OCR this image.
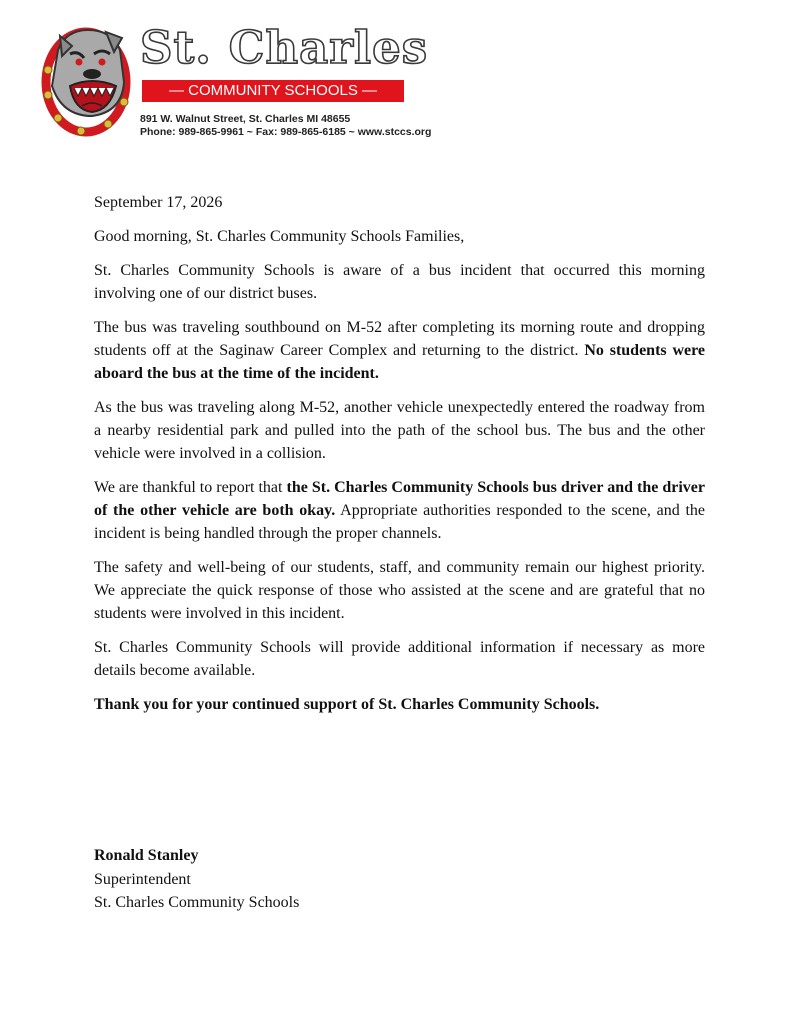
St. Charles
— COMMUNITY SCHOOLS —
891 W. Walnut Street, St. Charles MI 48655
Phone: 989-865-9961 ~ Fax: 989-865-6185 ~ www.stccs.org

September 17, 2026

Good morning, St. Charles Community Schools Families,

St. Charles Community Schools is aware of a bus incident that occurred this morning involving one of our district buses.

The bus was traveling southbound on M-52 after completing its morning route and dropping students off at the Saginaw Career Complex and returning to the district. No students were aboard the bus at the time of the incident.

As the bus was traveling along M-52, another vehicle unexpectedly entered the roadway from a nearby residential park and pulled into the path of the school bus. The bus and the other vehicle were involved in a collision.

We are thankful to report that the St. Charles Community Schools bus driver and the driver of the other vehicle are both okay. Appropriate authorities responded to the scene, and the incident is being handled through the proper channels.

The safety and well-being of our students, staff, and community remain our highest priority. We appreciate the quick response of those who assisted at the scene and are grateful that no students were involved in this incident.

St. Charles Community Schools will provide additional information if necessary as more details become available.

Thank you for your continued support of St. Charles Community Schools.

Ronald Stanley
Superintendent
St. Charles Community Schools
